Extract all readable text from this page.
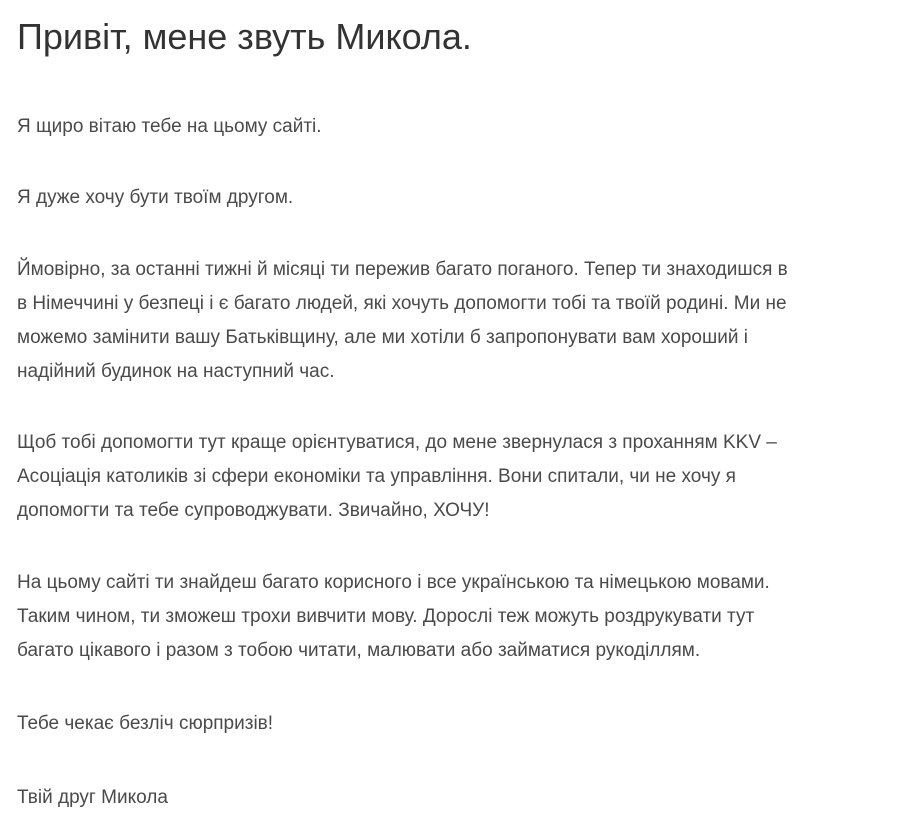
Привіт, мене звуть Микола.

Я щиро вітаю тебе на цьому сайті.

Я дуже хочу бути твоїм другом.

Ймовірно, за останні тижні й місяці ти пережив багато поганого. Тепер ти знаходишся в
в Німеччині у безпеці і є багато людей, які хочуть допомогти тобі та твоїй родині. Ми не
можемо замінити вашу Батьківщину, але ми хотіли б запропонувати вам хороший і
надійний будинок на наступний час.

Щоб тобі допомогти тут краще орієнтуватися, до мене звернулася з проханням KKV –
Асоціація католиків зі сфери економіки та управління. Вони спитали, чи не хочу я
допомогти та тебе супроводжувати. Звичайно, ХОЧУ!

На цьому сайті ти знайдеш багато корисного і все українською та німецькою мовами.
Таким чином, ти зможеш трохи вивчити мову. Дорослі теж можуть роздрукувати тут
багато цікавого і разом з тобою читати, малювати або займатися рукоділлям.

Тебе чекає безліч сюрпризів!

Твій друг Микола
